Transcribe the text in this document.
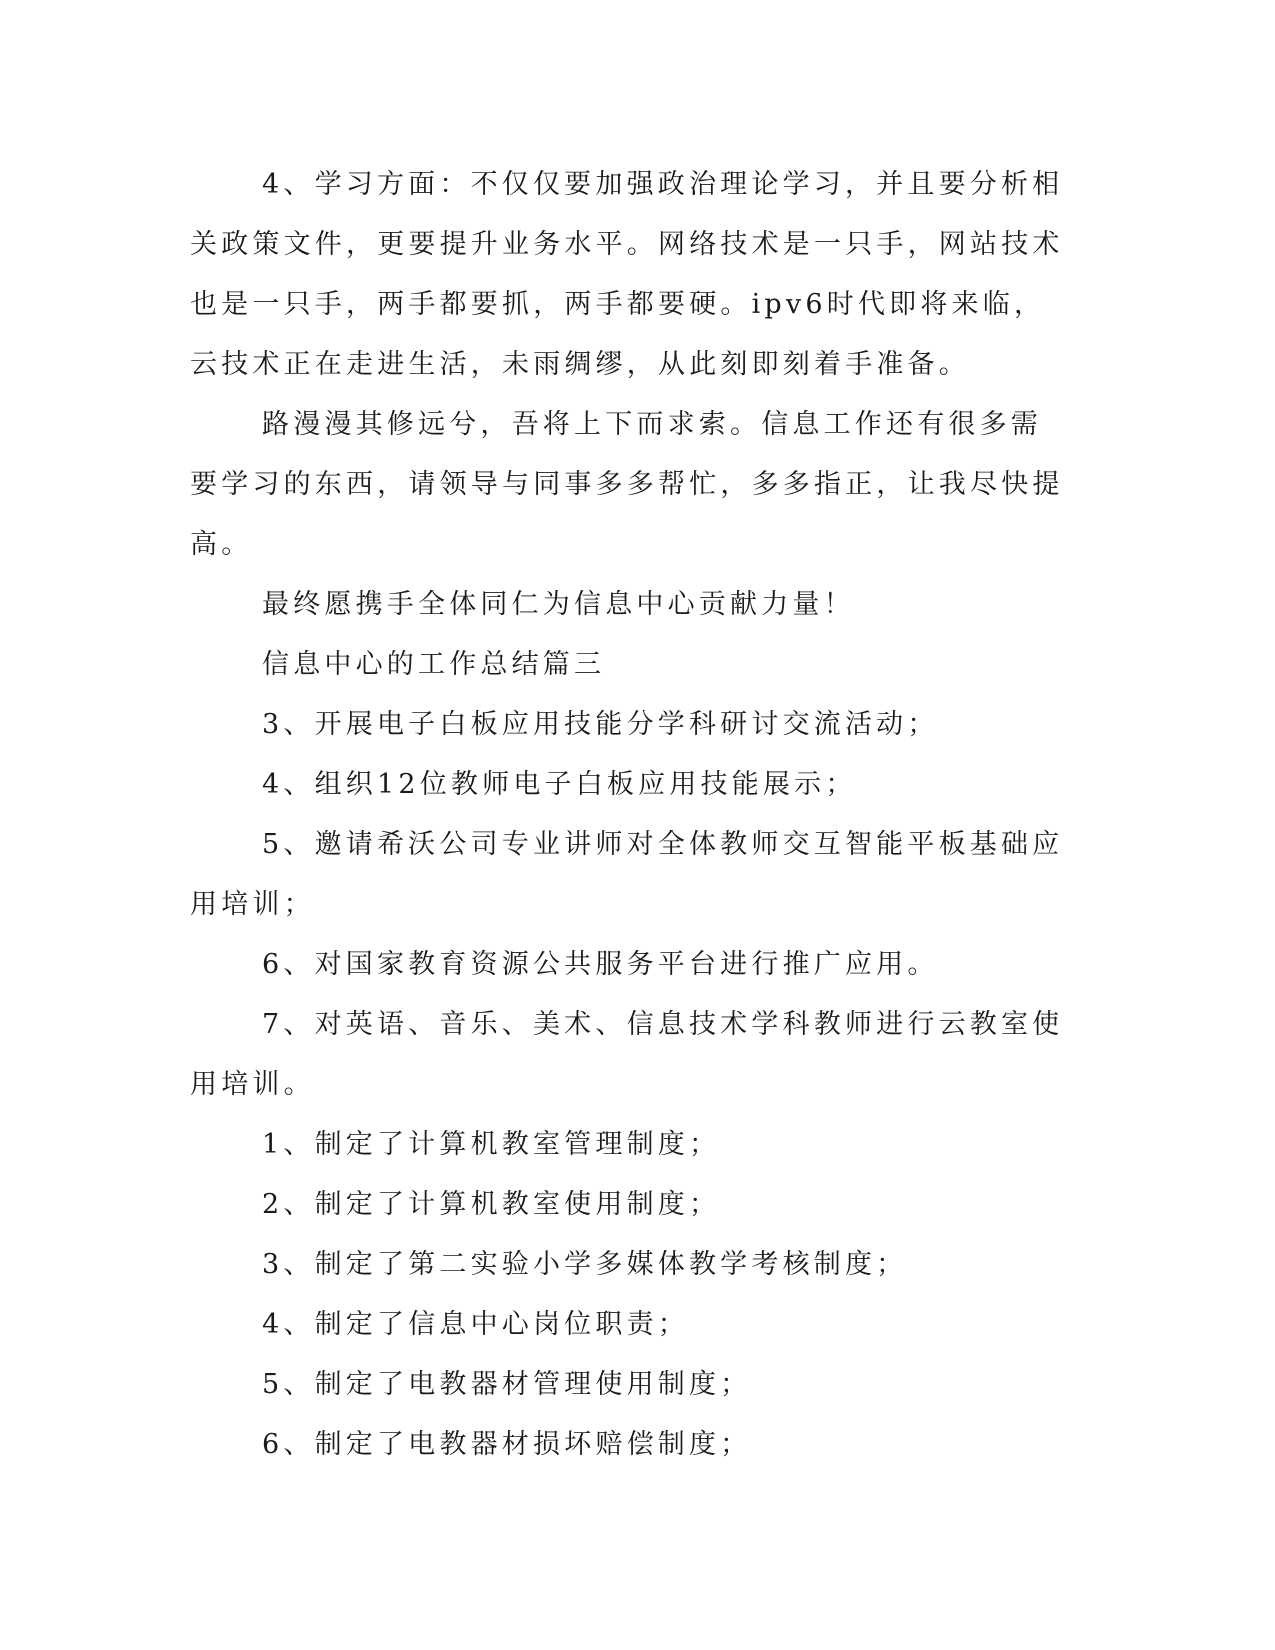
4、学习方面：不仅仅要加强政治理论学习，并且要分析相关政策文件，更要提升业务水平。网络技术是一只手，网站技术也是一只手，两手都要抓，两手都要硬。ipv6时代即将来临，云技术正在走进生活，未雨绸缪，从此刻即刻着手准备。

路漫漫其修远兮，吾将上下而求索。信息工作还有很多需要学习的东西，请领导与同事多多帮忙，多多指正，让我尽快提高。

最终愿携手全体同仁为信息中心贡献力量！

信息中心的工作总结篇三

3、开展电子白板应用技能分学科研讨交流活动；

4、组织12位教师电子白板应用技能展示；

5、邀请希沃公司专业讲师对全体教师交互智能平板基础应用培训；

6、对国家教育资源公共服务平台进行推广应用。

7、对英语、音乐、美术、信息技术学科教师进行云教室使用培训。

1、制定了计算机教室管理制度；

2、制定了计算机教室使用制度；

3、制定了第二实验小学多媒体教学考核制度；

4、制定了信息中心岗位职责；

5、制定了电教器材管理使用制度；

6、制定了电教器材损坏赔偿制度；
